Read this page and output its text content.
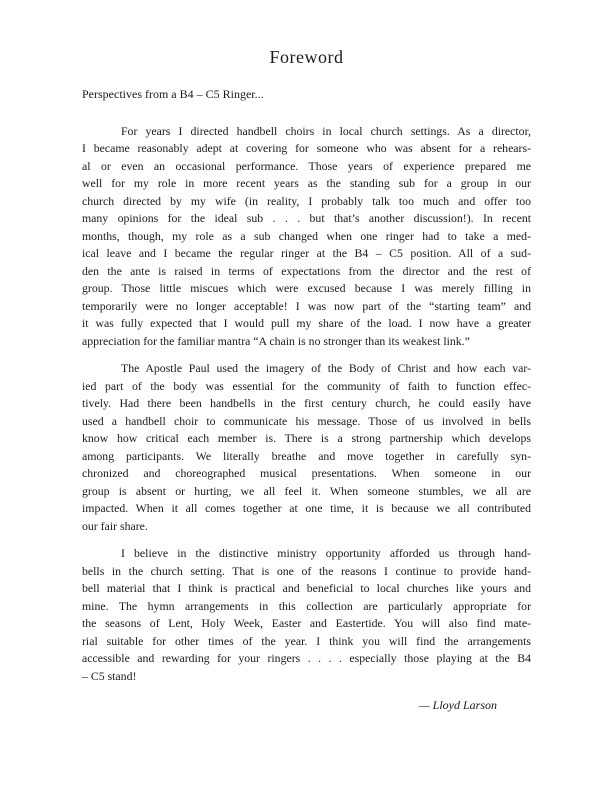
Foreword
Perspectives from a B4 – C5 Ringer...
For years I directed handbell choirs in local church settings. As a director,
I became reasonably adept at covering for someone who was absent for a rehears-
al or even an occasional performance. Those years of experience prepared me
well for my role in more recent years as the standing sub for a group in our
church directed by my wife (in reality, I probably talk too much and offer too
many opinions for the ideal sub . . . but that’s another discussion!). In recent
months, though, my role as a sub changed when one ringer had to take a med-
ical leave and I became the regular ringer at the B4 – C5 position. All of a sud-
den the ante is raised in terms of expectations from the director and the rest of
group. Those little miscues which were excused because I was merely filling in
temporarily were no longer acceptable! I was now part of the “starting team” and
it was fully expected that I would pull my share of the load. I now have a greater
appreciation for the familiar mantra “A chain is no stronger than its weakest link.”
The Apostle Paul used the imagery of the Body of Christ and how each var-
ied part of the body was essential for the community of faith to function effec-
tively. Had there been handbells in the first century church, he could easily have
used a handbell choir to communicate his message. Those of us involved in bells
know how critical each member is. There is a strong partnership which develops
among participants. We literally breathe and move together in carefully syn-
chronized and choreographed musical presentations. When someone in our
group is absent or hurting, we all feel it. When someone stumbles, we all are
impacted. When it all comes together at one time, it is because we all contributed
our fair share.
I believe in the distinctive ministry opportunity afforded us through hand-
bells in the church setting. That is one of the reasons I continue to provide hand-
bell material that I think is practical and beneficial to local churches like yours and
mine. The hymn arrangements in this collection are particularly appropriate for
the seasons of Lent, Holy Week, Easter and Eastertide. You will also find mate-
rial suitable for other times of the year. I think you will find the arrangements
accessible and rewarding for your ringers . . . . especially those playing at the B4
– C5 stand!
— Lloyd Larson
